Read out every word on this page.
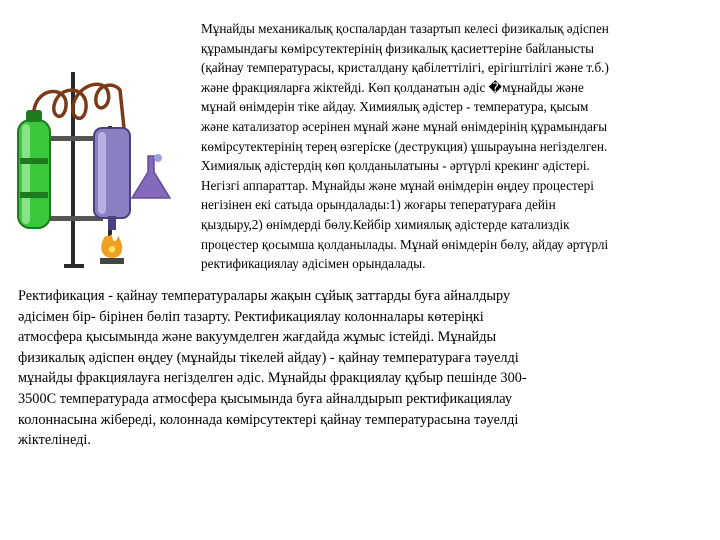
Мұнайды механикалық қоспалардан тазартып келесі физикалық әдіспен
құрамындағы көмірсутектерінің физикалық қасиеттеріне байланысты
(қайнау температурасы, кристалдану қабілеттілігі, ерігіштілігі және т.б.)
және фракцияларға жіктейді. Көп қолданатын әдіс �мұнайды және
мұнай өнімдерін тіке айдау. Химиялық әдістер - температура, қысым
және катализатор әсерінен мұнай және мұнай өнімдерінің құрамындағы
көмірсутектерінің терең өзгеріске (деструкция) ұшырауына негізделген.
Химиялық әдістердің көп қолданылатыны - әртүрлі крекинг әдістері.
Негізгі аппараттар. Мұнайды және мұнай өнімдерін өңдеу процестері
негізінен екі сатыда орындалады:1) жоғары теператураға дейін
қыздыру,2) өнімдерді бөлу.Кейбір химиялық әдістерде катализдік
процестер қосымша қолданылады. Мұнай өнімдерін бөлу, айдау әртүрлі
ректификациялау әдісімен орындалады.

Ректификация - қайнау температуралары жақын сұйық заттарды буға айналдыру
әдісімен бір- бірінен бөліп тазарту. Ректификациялау колонналары көтеріңкі
атмосфера қысымында және вакуумделген жағдайда жұмыс істейді. Мұнайды
физикалық әдіспен өңдеу (мұнайды тікелей айдау) - қайнау температураға тәуелді
мұнайды фракциялауға негізделген әдіс. Мұнайды фракциялау құбыр пешінде 300-
3500С температурада атмосфера қысымында буға айналдырып ректификациялау
колоннасына жібереді, колоннада көмірсутектері қайнау температурасына тәуелді
жіктелінеді.
